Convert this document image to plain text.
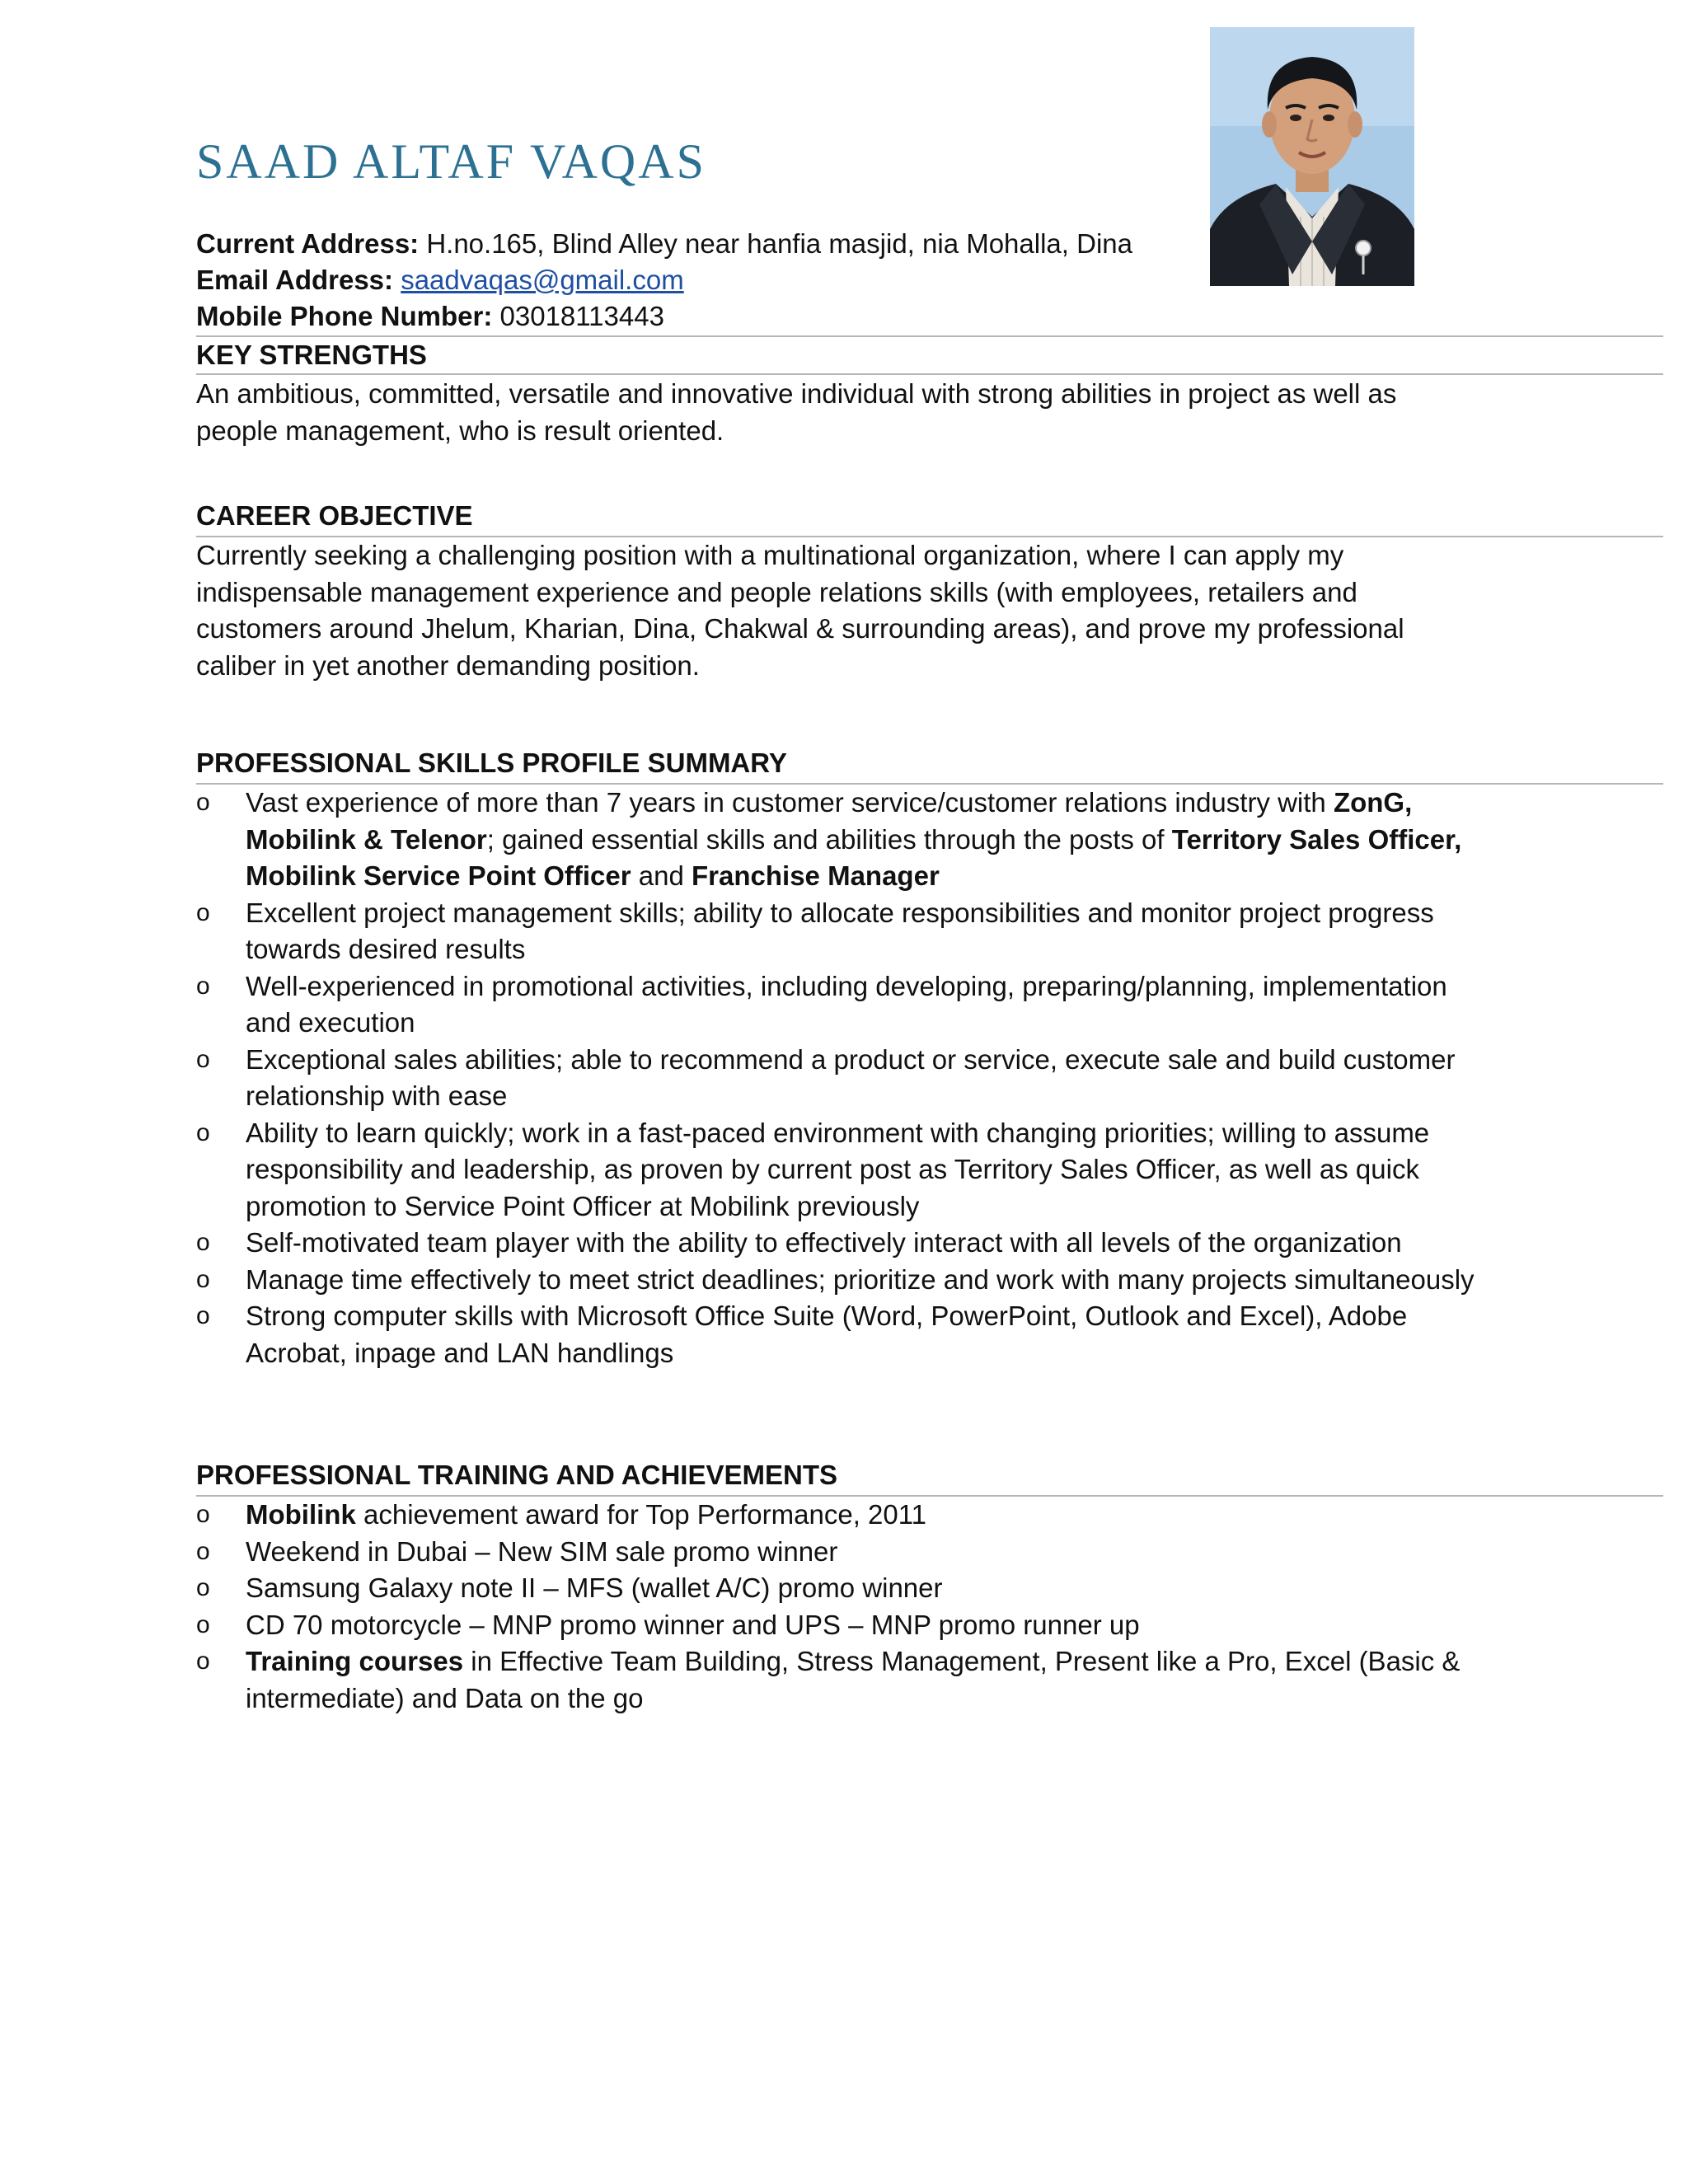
SAAD ALTAF VAQAS
Current Address: H.no.165, Blind Alley near hanfia masjid, nia Mohalla, Dina
Email Address: saadvaqas@gmail.com
Mobile Phone Number: 03018113443
KEY STRENGTHS

An ambitious, committed, versatile and innovative individual with strong abilities in project as well as people management, who is result oriented.

CAREER OBJECTIVE

Currently seeking a challenging position with a multinational organization, where I can apply my indispensable management experience and people relations skills (with employees, retailers and customers around Jhelum, Kharian, Dina, Chakwal & surrounding areas), and prove my professional caliber in yet another demanding position.

PROFESSIONAL SKILLS PROFILE SUMMARY
o Vast experience of more than 7 years in customer service/customer relations industry with ZonG, Mobilink & Telenor; gained essential skills and abilities through the posts of Territory Sales Officer, Mobilink Service Point Officer and Franchise Manager
o Excellent project management skills; ability to allocate responsibilities and monitor project progress towards desired results
o Well-experienced in promotional activities, including developing, preparing/planning, implementation and execution
o Exceptional sales abilities; able to recommend a product or service, execute sale and build customer relationship with ease
o Ability to learn quickly; work in a fast-paced environment with changing priorities; willing to assume responsibility and leadership, as proven by current post as Territory Sales Officer, as well as quick promotion to Service Point Officer at Mobilink previously
o Self-motivated team player with the ability to effectively interact with all levels of the organization
o Manage time effectively to meet strict deadlines; prioritize and work with many projects simultaneously
o Strong computer skills with Microsoft Office Suite (Word, PowerPoint, Outlook and Excel), Adobe Acrobat, inpage and LAN handlings
PROFESSIONAL TRAINING AND ACHIEVEMENTS
o Mobilink achievement award for Top Performance, 2011
o Weekend in Dubai – New SIM sale promo winner
o Samsung Galaxy note II – MFS (wallet A/C) promo winner
o CD 70 motorcycle – MNP promo winner and UPS – MNP promo runner up
o Training courses in Effective Team Building, Stress Management, Present like a Pro, Excel (Basic & intermediate) and Data on the go
